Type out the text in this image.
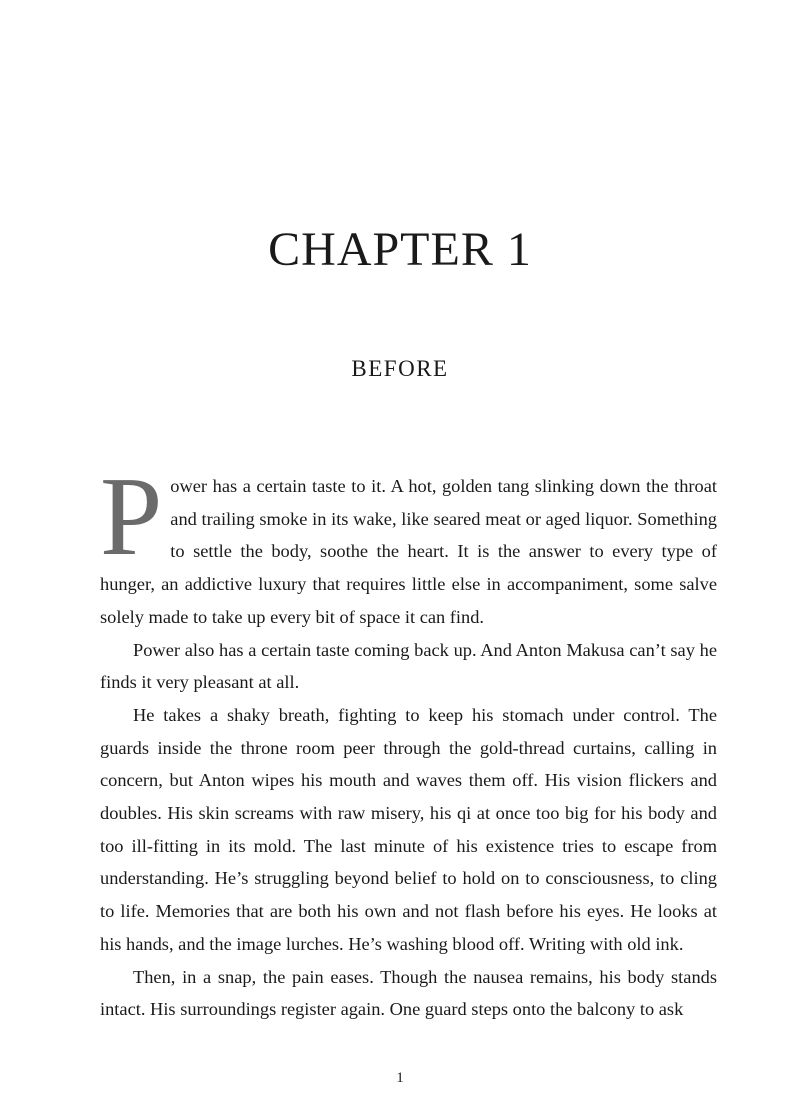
CHAPTER 1
BEFORE

Power has a certain taste to it. A hot, golden tang slinking down the throat and trailing smoke in its wake, like seared meat or aged liquor. Something to settle the body, soothe the heart. It is the answer to every type of hunger, an addictive luxury that requires little else in accompaniment, some salve solely made to take up every bit of space it can find.

Power also has a certain taste coming back up. And Anton Makusa can’t say he finds it very pleasant at all.

He takes a shaky breath, fighting to keep his stomach under control. The guards inside the throne room peer through the gold-thread curtains, calling in concern, but Anton wipes his mouth and waves them off. His vision flickers and doubles. His skin screams with raw misery, his qi at once too big for his body and too ill-fitting in its mold. The last minute of his existence tries to escape from understanding. He’s struggling beyond belief to hold on to consciousness, to cling to life. Memories that are both his own and not flash before his eyes. He looks at his hands, and the image lurches. He’s washing blood off. Writing with old ink.

Then, in a snap, the pain eases. Though the nausea remains, his body stands intact. His surroundings register again. One guard steps onto the balcony to ask

1
